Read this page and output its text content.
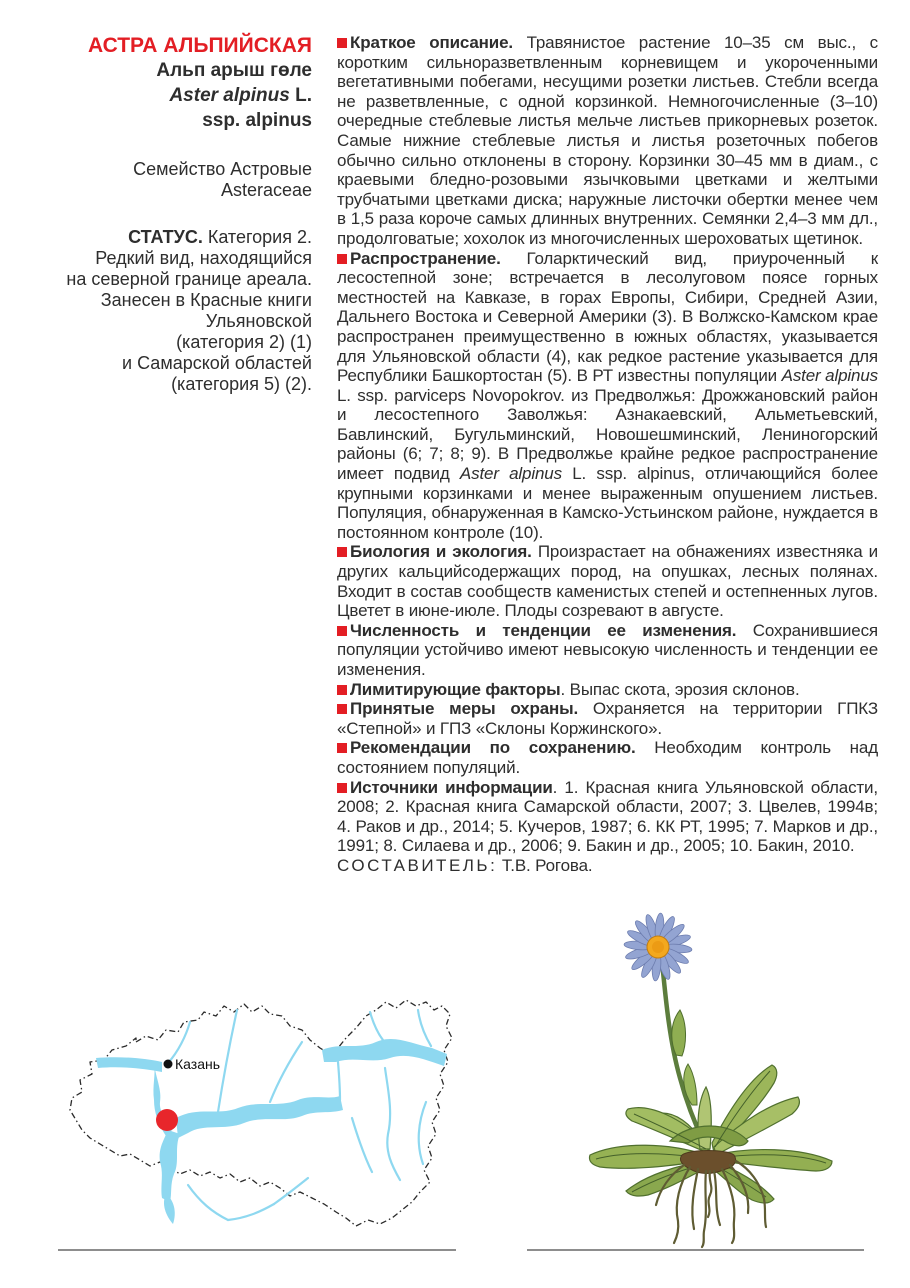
АСТРА АЛЬПИЙСКАЯ
Альп арыш гөле
Aster alpinus L.
ssp. alpinus
Семейство Астровые
Asteraceae
СТАТУС. Категория 2.
Редкий вид, находящийся
на северной границе ареала.
Занесен в Красные книги
Ульяновской
(категория 2) (1)
и Самарской областей
(категория 5) (2).

Краткое описание. Травянистое растение 10–35 см выс., с коротким сильноразветвленным корневищем и укороченными вегетативными побегами, несущими розетки листьев. Стебли всегда не разветвленные, с одной корзинкой. Немногочисленные (3–10) очередные стеблевые листья мельче листьев прикорневых розеток. Самые нижние стеблевые листья и листья розеточных побегов обычно сильно отклонены в сторону. Корзинки 30–45 мм в диам., с краевыми бледно-розовыми язычковыми цветками и желтыми трубчатыми цветками диска; наружные листочки обертки менее чем в 1,5 раза короче самых длинных внутренних. Семянки 2,4–3 мм дл., продолговатые; хохолок из многочисленных шероховатых щетинок.

Распространение. Голарктический вид, приуроченный к лесостепной зоне; встречается в лесолуговом поясе горных местностей на Кавказе, в горах Европы, Сибири, Средней Азии, Дальнего Востока и Северной Америки (3). В Волжско-Камском крае распространен преимущественно в южных областях, указывается для Ульяновской области (4), как редкое растение указывается для Республики Башкортостан (5). В РТ известны популяции Aster alpinus L. ssp. parviceps Novopokrov. из Предволжья: Дрожжановский район и лесостепного Заволжья: Азнакаевский, Альметьевский, Бавлинский, Бугульминский, Новошешминский, Лениногорский районы (6; 7; 8; 9). В Предволжье крайне редкое распространение имеет подвид Aster alpinus L. ssp. alpinus, отличающийся более крупными корзинками и менее выраженным опушением листьев. Популяция, обнаруженная в Камско-Устьинском районе, нуждается в постоянном контроле (10).

Биология и экология. Произрастает на обнажениях известняка и других кальцийсодержащих пород, на опушках, лесных полянах. Входит в состав сообществ каменистых степей и остепненных лугов. Цветет в июне-июле. Плоды созревают в августе.

Численность и тенденции ее изменения. Сохранившиеся популяции устойчиво имеют невысокую численность и тенденции ее изменения.

Лимитирующие факторы. Выпас скота, эрозия склонов.

Принятые меры охраны. Охраняется на территории ГПКЗ «Степной» и ГПЗ «Склоны Коржинского».

Рекомендации по сохранению. Необходим контроль над состоянием популяций.

Источники информации. 1. Красная книга Ульяновской области, 2008; 2. Красная книга Самарской области, 2007; 3. Цвелев, 1994в; 4. Раков и др., 2014; 5. Кучеров, 1987; 6. КК РТ, 1995; 7. Марков и др., 1991; 8. Силаева и др., 2006; 9. Бакин и др., 2005; 10. Бакин, 2010.

СОСТАВИТЕЛЬ: Т.В. Рогова.

Казань
